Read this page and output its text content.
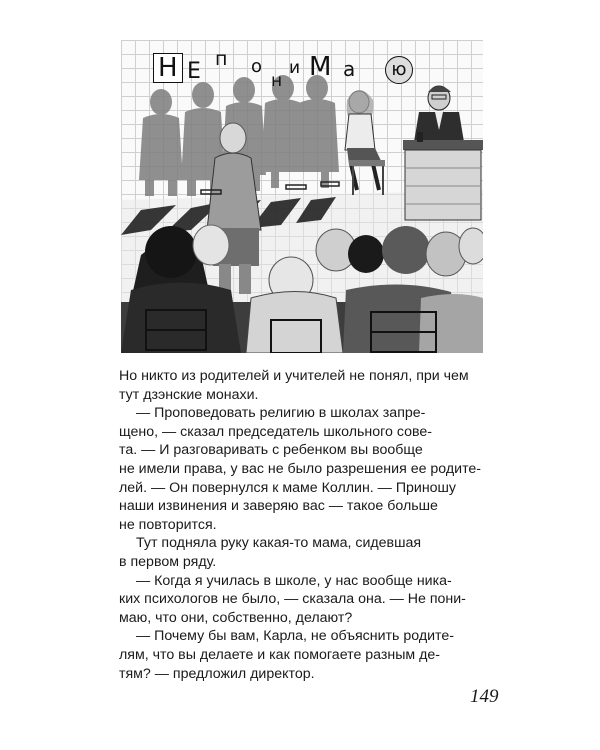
Н Е п о
н
и М а	ю

Но никто из родителей и учителей не понял, при чем
тут дзэнские монахи.

— Проповедовать религию в школах запре-
щено, — сказал председатель школьного сове-
та. — И разговаривать с ребенком вы вообще
не имели права, у вас не было разрешения ее родите-
лей. — Он повернулся к маме Коллин. — Приношу
наши извинения и заверяю вас — такое больше
не повторится.

Тут подняла руку какая-то мама, сидевшая
в первом ряду.

— Когда я училась в школе, у нас вообще ника-
ких психологов не было, — сказала она. — Не пони-
маю, что они, собственно, делают?

— Почему бы вам, Карла, не объяснить родите-
лям, что вы делаете и как помогаете разным де-
тям? — предложил директор.

149
